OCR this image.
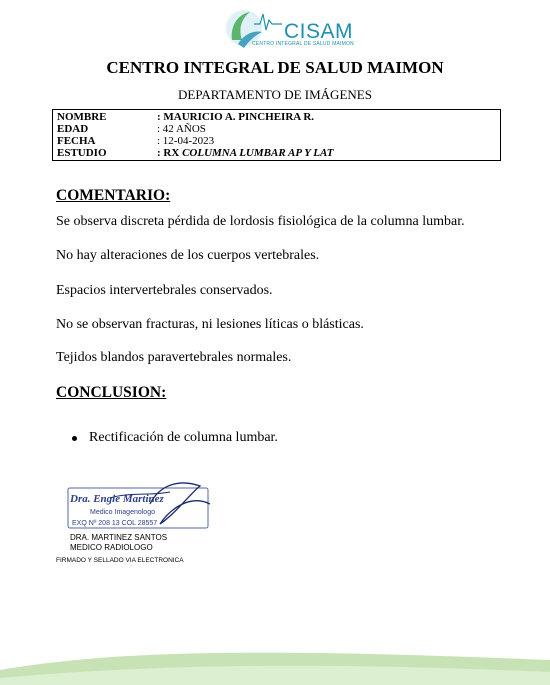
CISAM
CENTRO INTEGRAL DE SALUD MAIMON
CENTRO INTEGRAL DE SALUD MAIMON
DEPARTAMENTO DE IMÁGENES
NOMBRE	: MAURICIO A. PINCHEIRA R.
EDAD	: 42 AÑOS
FECHA	: 12-04-2023
ESTUDIO	: RX COLUMNA LUMBAR AP Y LAT
COMENTARIO:
Se observa discreta pérdida de lordosis fisiológica de la columna lumbar.
No hay alteraciones de los cuerpos vertebrales.
Espacios intervertebrales conservados.
No se observan fracturas, ni lesiones líticas o blásticas.
Tejidos blandos paravertebrales normales.
CONCLUSION:
Rectificación de columna lumbar.
Dra. Engie Martinez
Medico Imagenologo
EXQ Nº 208 13 COL 28557
DRA. MARTINEZ SANTOS
MEDICO RADIOLOGO
FIRMADO Y SELLADO VIA ELECTRONICA
